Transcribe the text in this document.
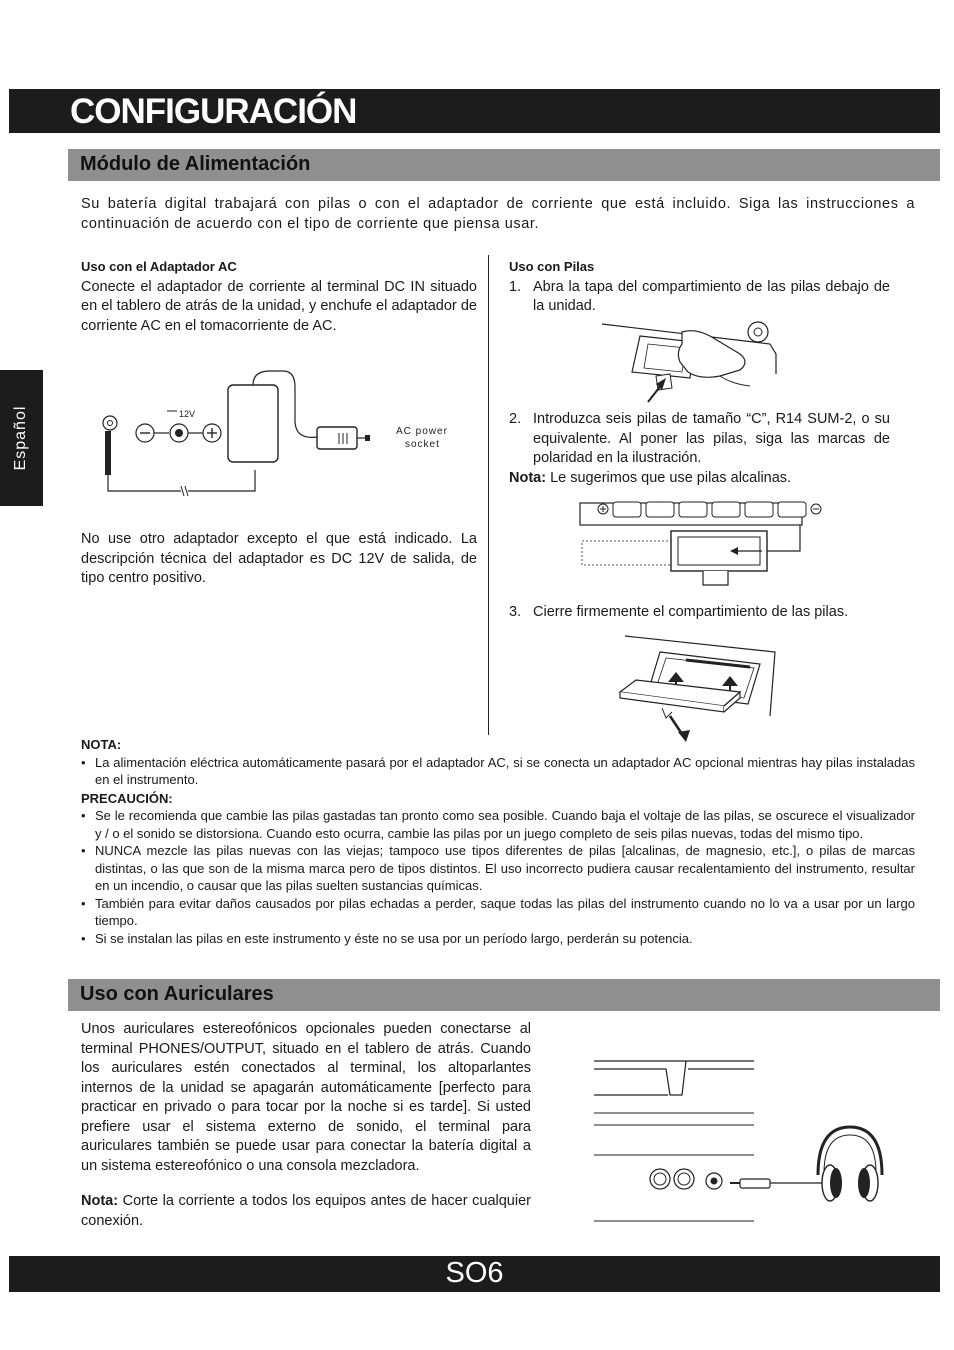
CONFIGURACIÓN
Español
Módulo de Alimentación

Su batería digital trabajará con pilas o con el adaptador de corriente que está incluido. Siga las instrucciones a continuación de acuerdo con el tipo de corriente que piensa usar.

Uso con el Adaptador AC

Conecte el adaptador de corriente al terminal DC IN situado en el tablero de atrás de la unidad, y enchufe el adaptador de corriente AC en el tomacorriente de AC.

12V
AC power
socket

No use otro adaptador excepto el que está indicado. La descripción técnica del adaptador es DC 12V de salida, de tipo centro positivo.

Uso con Pilas
1. Abra la tapa del compartimiento de las pilas debajo de la unidad.
2. Introduzca seis pilas de tamaño “C”, R14 SUM-2, o su equivalente. Al poner las pilas, siga las marcas de polaridad en la ilustración.
Nota: Le sugerimos que use pilas alcalinas.
3. Cierre firmemente el compartimiento de las pilas.
NOTA:
• La alimentación eléctrica automáticamente pasará por el adaptador AC, si se conecta un adaptador AC opcional mientras hay pilas instaladas en el instrumento.
PRECAUCIÓN:
• Se le recomienda que cambie las pilas gastadas tan pronto como sea posible. Cuando baja el voltaje de las pilas, se oscurece el visualizador y / o el sonido se distorsiona. Cuando esto ocurra, cambie las pilas por un juego completo de seis pilas nuevas, todas del mismo tipo.
• NUNCA mezcle las pilas nuevas con las viejas; tampoco use tipos diferentes de pilas [alcalinas, de magnesio, etc.], o pilas de marcas distintas, o las que son de la misma marca pero de tipos distintos. El uso incorrecto pudiera causar recalentamiento del instrumento, resultar en un incendio, o causar que las pilas suelten sustancias químicas.
• También para evitar daños causados por pilas echadas a perder, saque todas las pilas del instrumento cuando no lo va a usar por un largo tiempo.
• Si se instalan las pilas en este instrumento y éste no se usa por un período largo, perderán su potencia.
Uso con Auriculares

Unos auriculares estereofónicos opcionales pueden conectarse al terminal PHONES/OUTPUT, situado en el tablero de atrás. Cuando los auriculares estén conectados al terminal, los altoparlantes internos de la unidad se apagarán automáticamente [perfecto para practicar en privado o para tocar por la noche si es tarde]. Si usted prefiere usar el sistema externo de sonido, el terminal para auriculares también se puede usar para conectar la batería digital a un sistema estereofónico o una consola mezcladora.

Nota: Corte la corriente a todos los equipos antes de hacer cualquier conexión.

SO6
